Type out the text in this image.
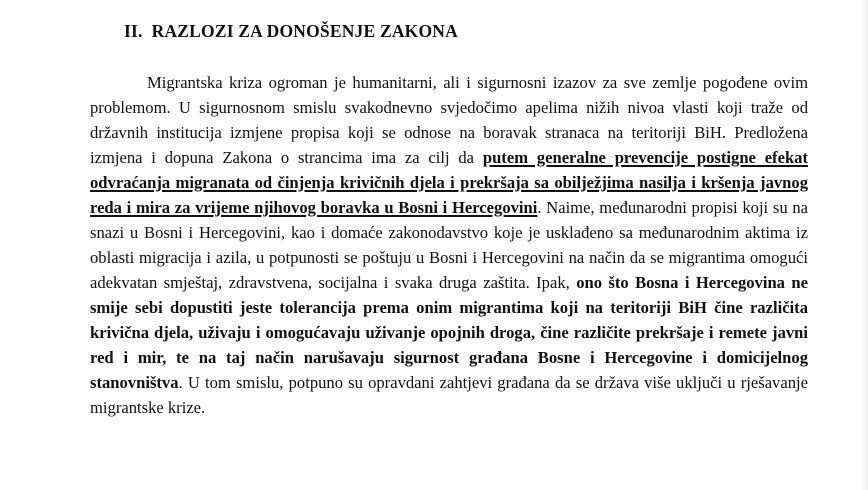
II. RAZLOZI ZA DONOŠENJE ZAKONA

Migrantska kriza ogroman je humanitarni, ali i sigurnosni izazov za sve zemlje pogođene ovim problemom. U sigurnosnom smislu svakodnevno svjedočimo apelima nižih nivoa vlasti koji traže od državnih institucija izmjene propisa koji se odnose na boravak stranaca na teritoriji BiH. Predložena izmjena i dopuna Zakona o strancima ima za cilj da putem generalne prevencije postigne efekat odvraćanja migranata od činjenja krivičnih djela i prekršaja sa obilježjima nasilja i kršenja javnog reda i mira za vrijeme njihovog boravka u Bosni i Hercegovini. Naime, međunarodni propisi koji su na snazi u Bosni i Hercegovini, kao i domaće zakonodavstvo koje je usklađeno sa međunarodnim aktima iz oblasti migracija i azila, u potpunosti se poštuju u Bosni i Hercegovini na način da se migrantima omogući adekvatan smještaj, zdravstvena, socijalna i svaka druga zaštita. Ipak, ono što Bosna i Hercegovina ne smije sebi dopustiti jeste tolerancija prema onim migrantima koji na teritoriji BiH čine različita krivična djela, uživaju i omogućavaju uživanje opojnih droga, čine različite prekršaje i remete javni red i mir, te na taj način narušavaju sigurnost građana Bosne i Hercegovine i domicijelnog stanovništva. U tom smislu, potpuno su opravdani zahtjevi građana da se država više uključi u rješavanje migrantske krize.
